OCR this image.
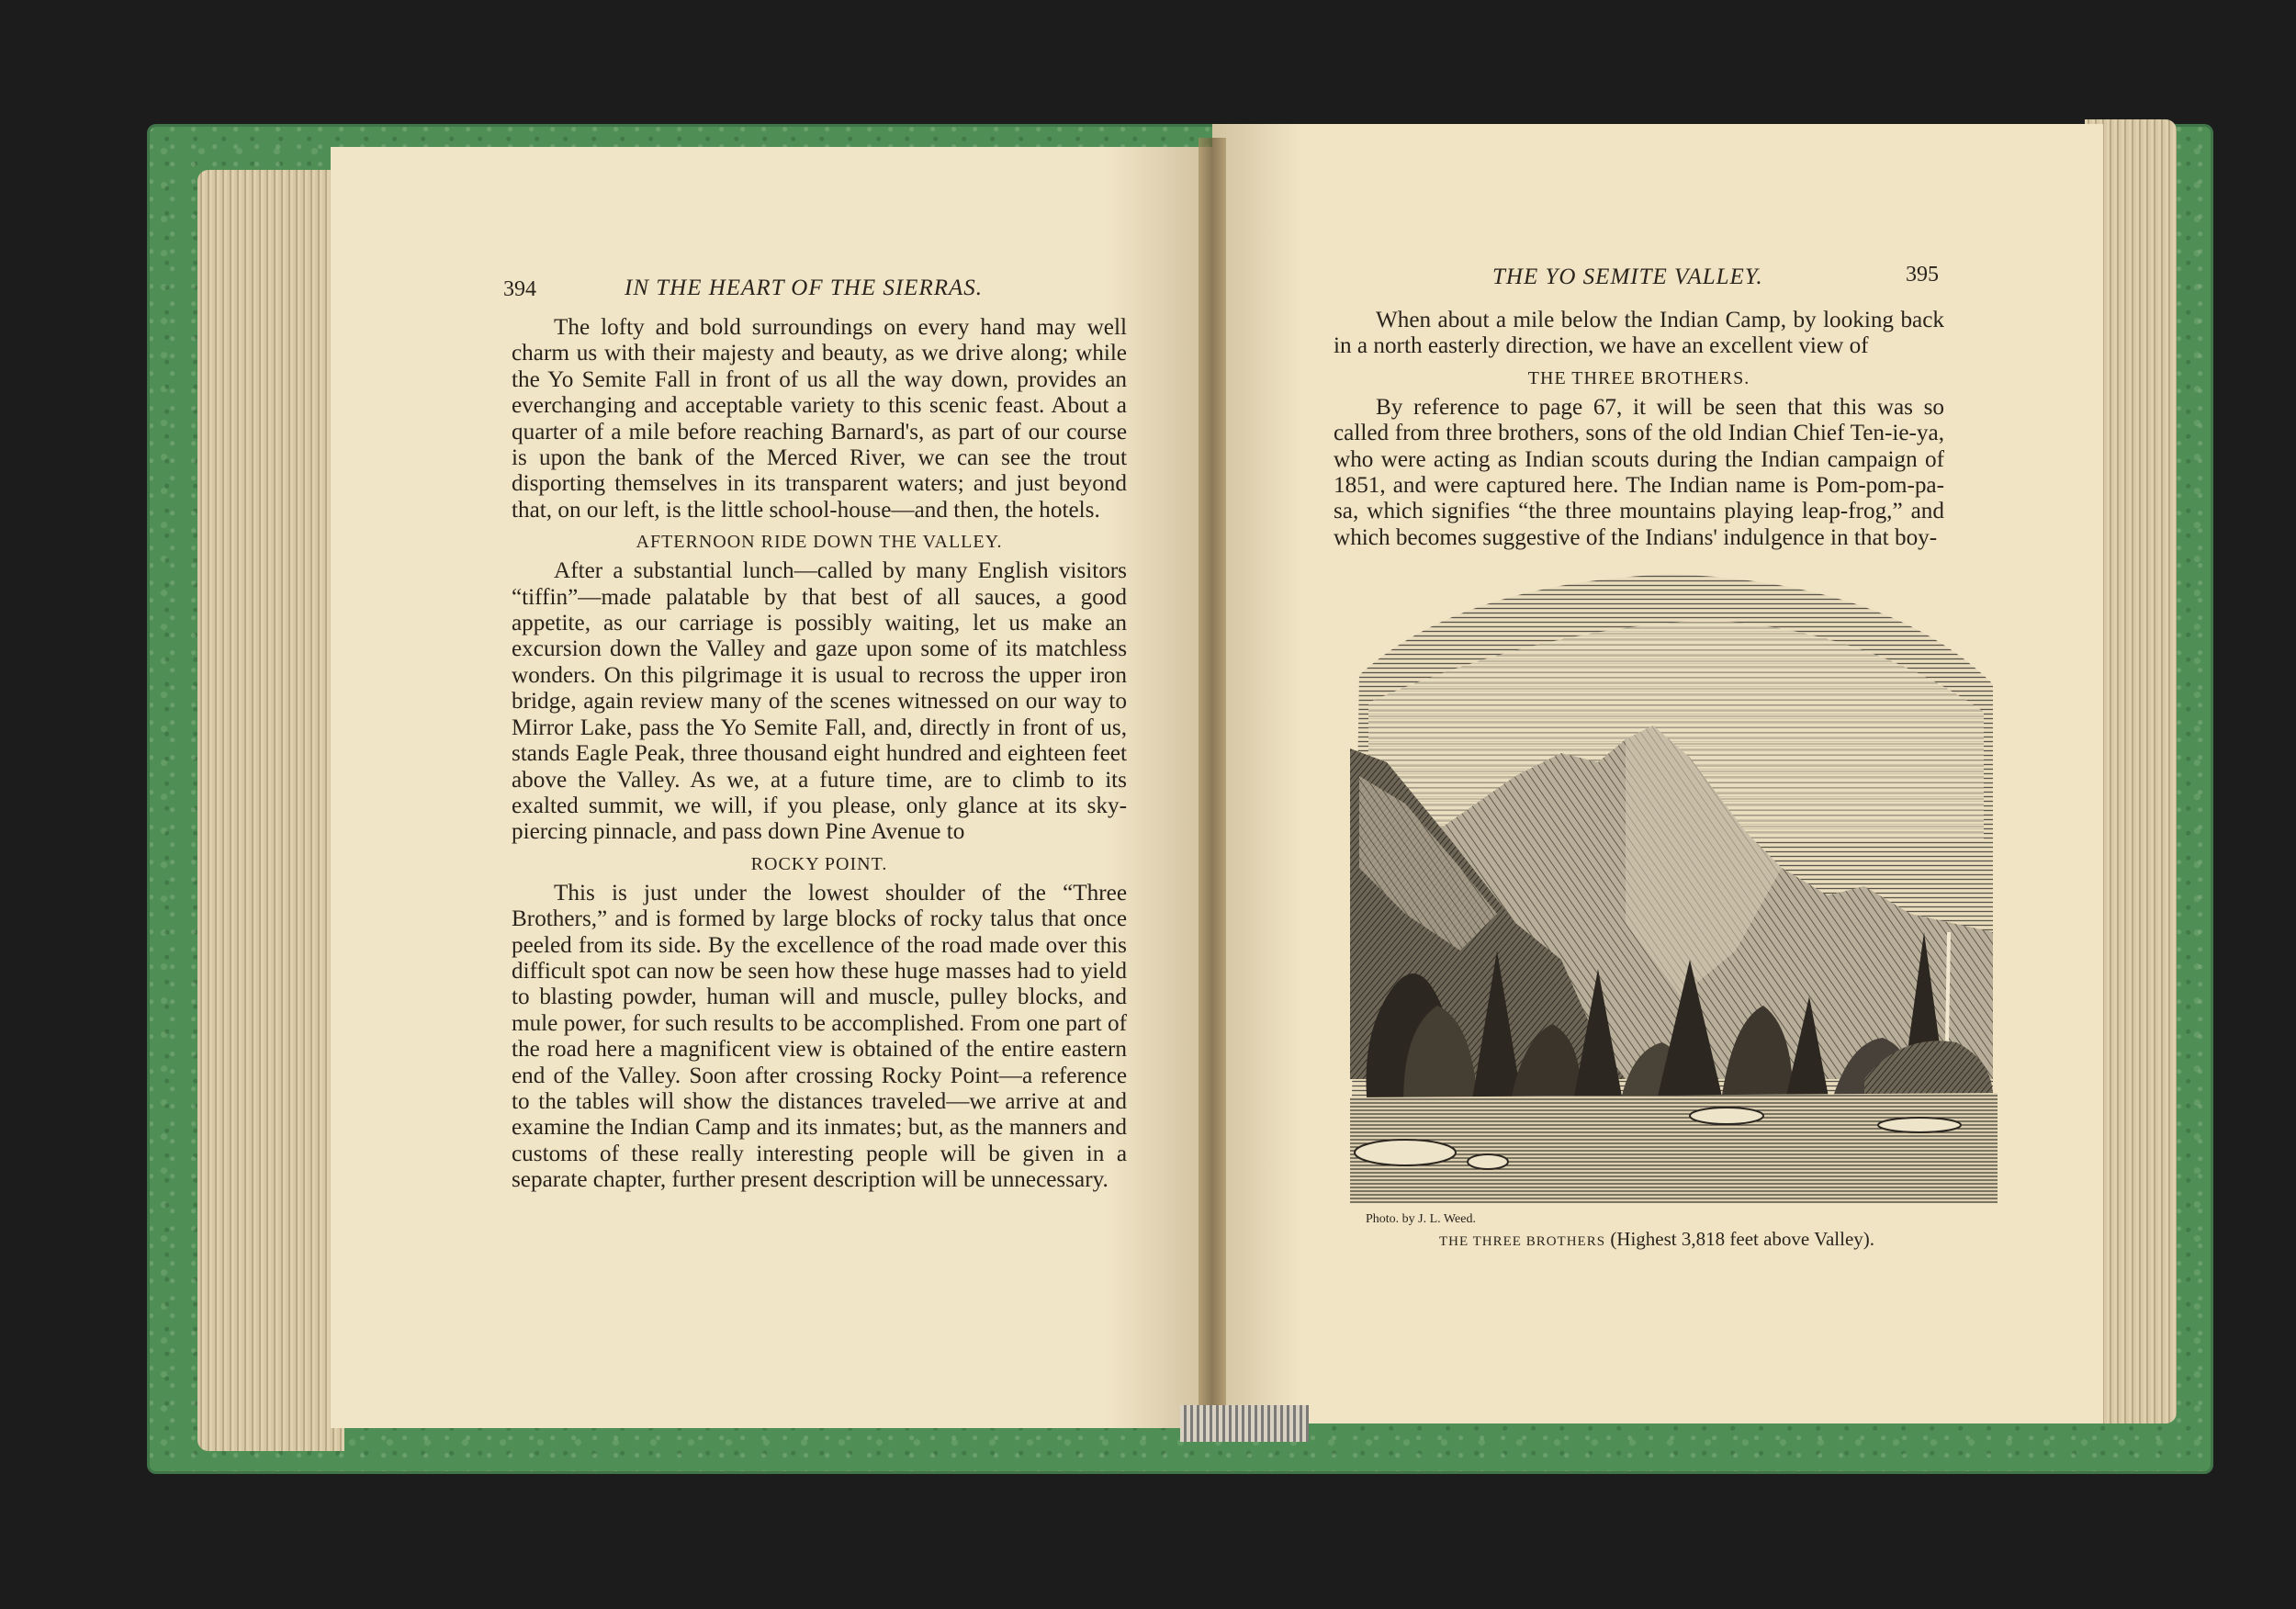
394	IN THE HEART OF THE SIERRAS.

The lofty and bold surroundings on every hand may well charm us with their majesty and beauty, as we drive along; while the Yo Semite Fall in front of us all the way down, provides an everchanging and acceptable variety to this scenic feast. About a quarter of a mile before reaching Barnard's, as part of our course is upon the bank of the Merced River, we can see the trout disporting themselves in its transparent waters; and just beyond that, on our left, is the little school-house—and then, the hotels.

AFTERNOON RIDE DOWN THE VALLEY.

After a substantial lunch—called by many English visitors “tiffin”—made palatable by that best of all sauces, a good appetite, as our carriage is possibly waiting, let us make an excursion down the Valley and gaze upon some of its matchless wonders. On this pilgrimage it is usual to recross the upper iron bridge, again review many of the scenes witnessed on our way to Mirror Lake, pass the Yo Semite Fall, and, directly in front of us, stands Eagle Peak, three thousand eight hundred and eighteen feet above the Valley. As we, at a future time, are to climb to its exalted summit, we will, if you please, only glance at its sky-piercing pinnacle, and pass down Pine Avenue to

ROCKY POINT.

This is just under the lowest shoulder of the “Three Brothers,” and is formed by large blocks of rocky talus that once peeled from its side. By the excellence of the road made over this difficult spot can now be seen how these huge masses had to yield to blasting powder, human will and muscle, pulley blocks, and mule power, for such results to be accomplished. From one part of the road here a magnificent view is obtained of the entire eastern end of the Valley. Soon after crossing Rocky Point—a reference to the tables will show the distances traveled—we arrive at and examine the Indian Camp and its inmates; but, as the manners and customs of these really interesting people will be given in a separate chapter, further present description will be unnecessary.

THE YO SEMITE VALLEY.	395

When about a mile below the Indian Camp, by looking back in a north easterly direction, we have an excellent view of

THE THREE BROTHERS.

By reference to page 67, it will be seen that this was so called from three brothers, sons of the old Indian Chief Ten-ie-ya, who were acting as Indian scouts during the Indian campaign of 1851, and were captured here. The Indian name is Pom-pom-pa-sa, which signifies “the three mountains playing leap-frog,” and which becomes suggestive of the Indians' indulgence in that boy-

Photo. by J. L. Weed.
THE THREE BROTHERS (Highest 3,818 feet above Valley).
